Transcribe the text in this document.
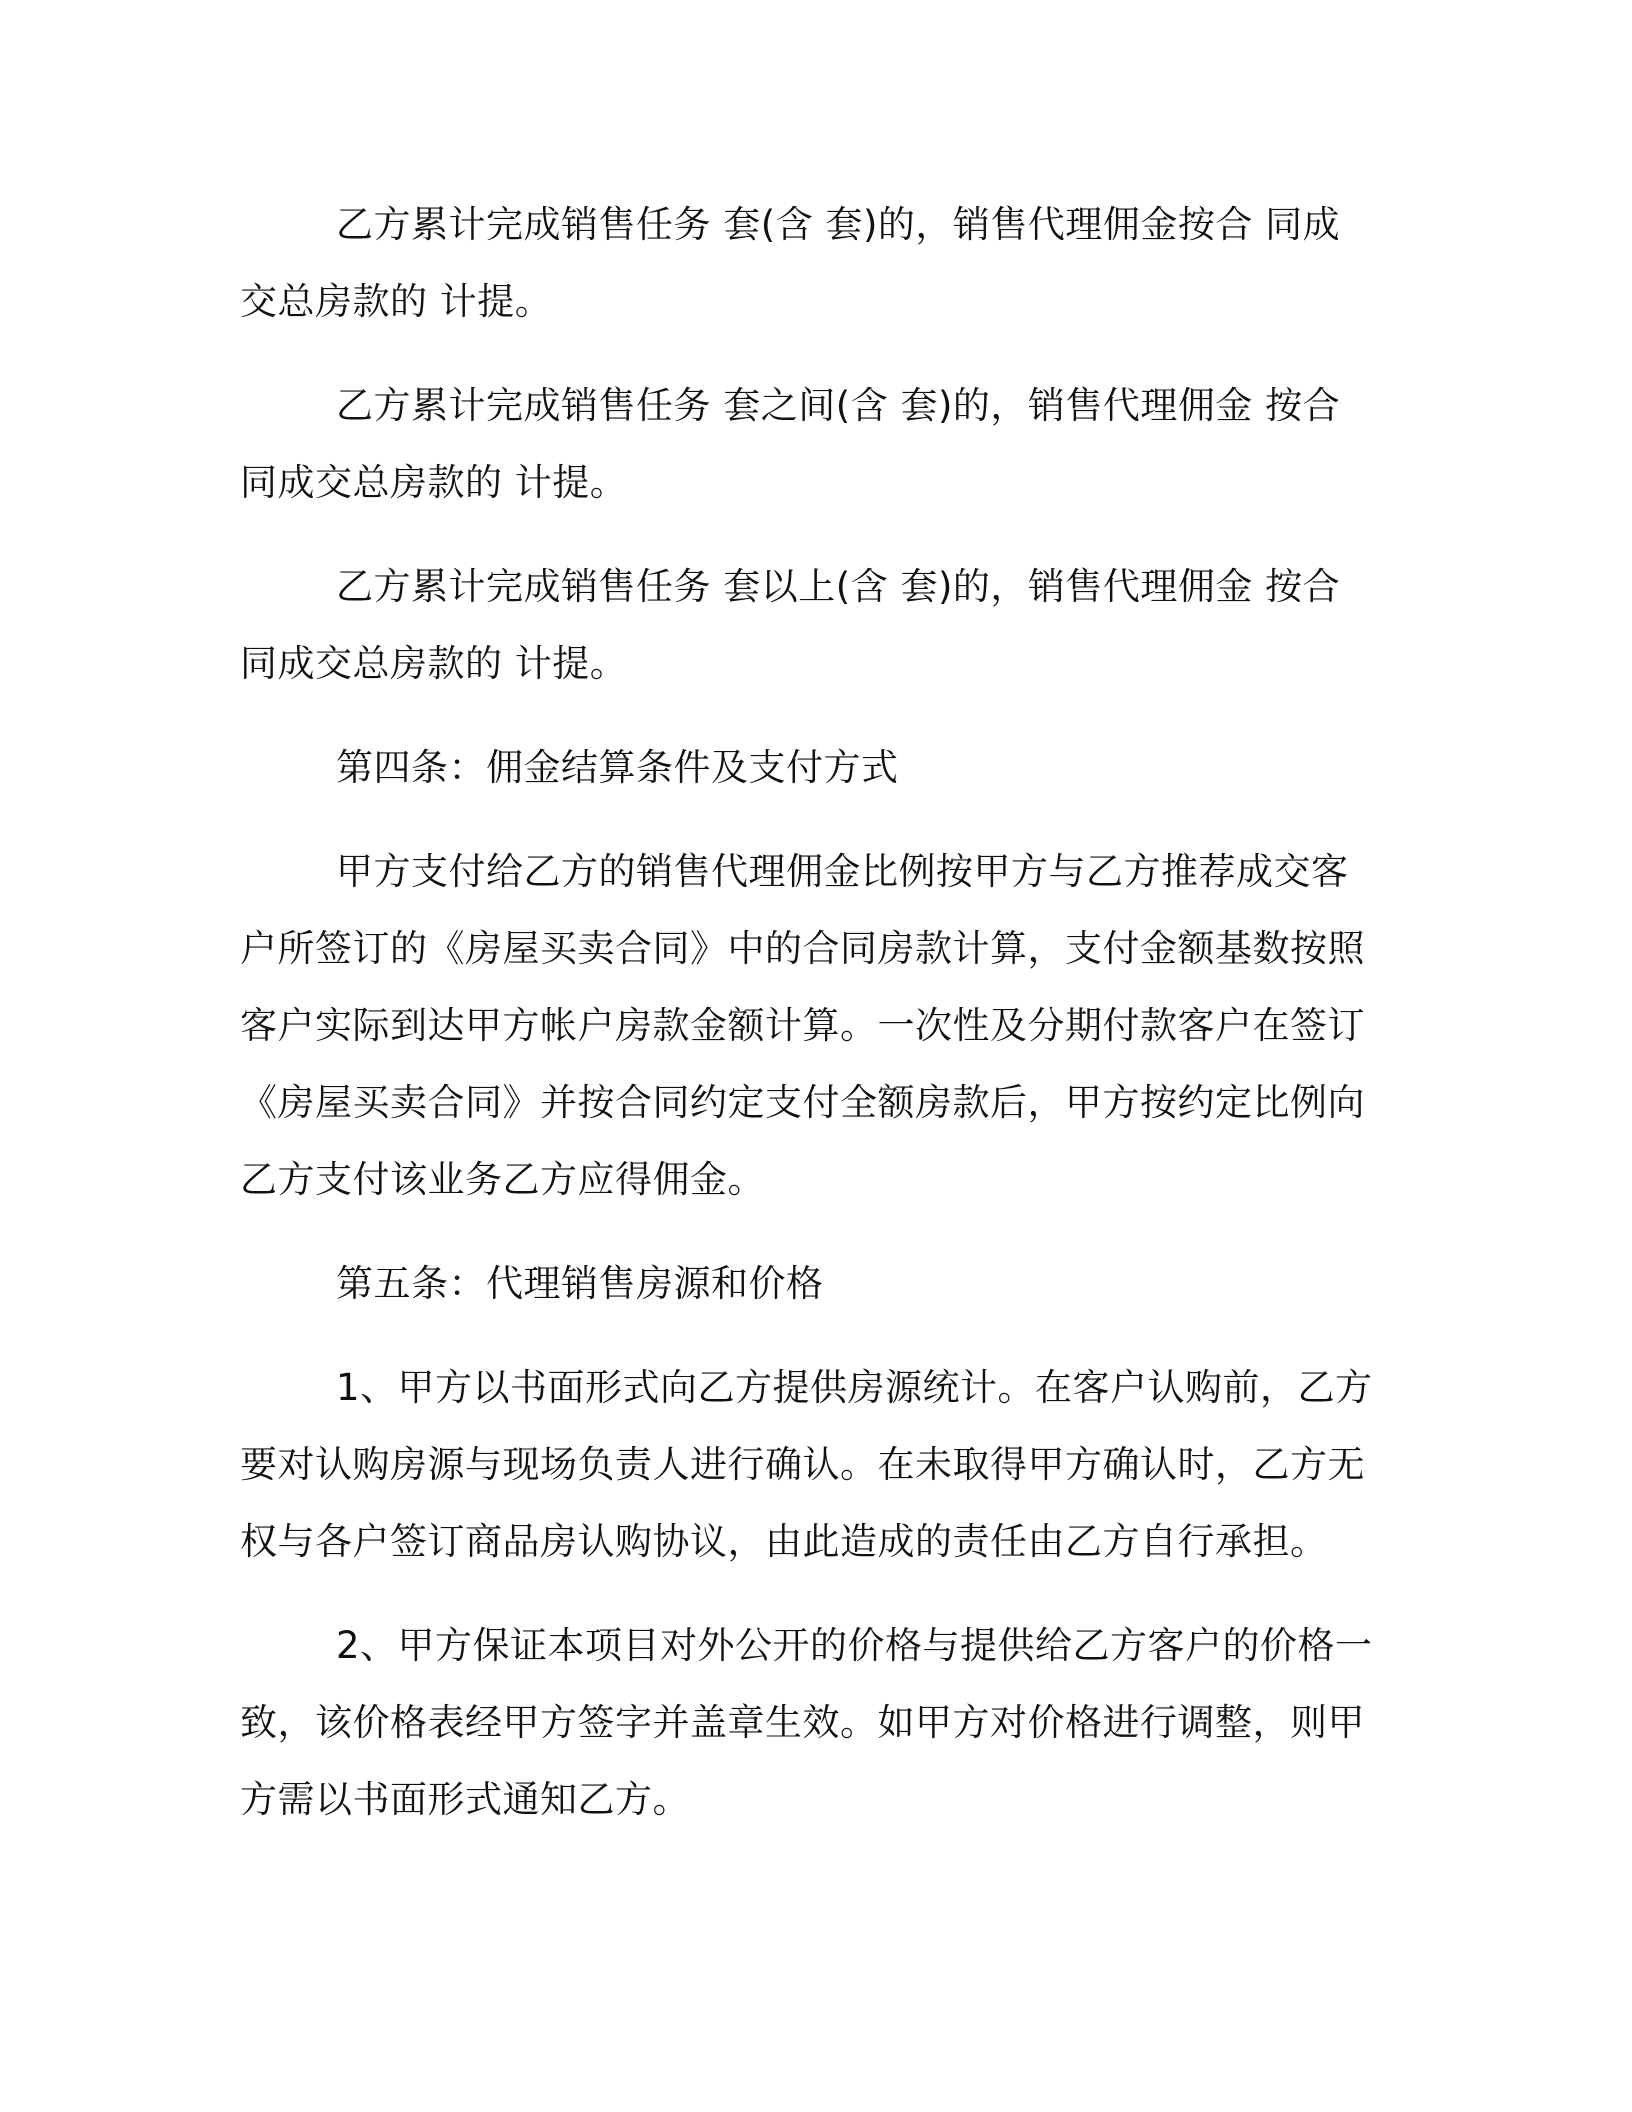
乙方累计完成销售任务 套(含 套)的，销售代理佣金按合 同成交总房款的 计提。

乙方累计完成销售任务 套之间(含 套)的，销售代理佣金 按合同成交总房款的 计提。

乙方累计完成销售任务 套以上(含 套)的，销售代理佣金 按合同成交总房款的 计提。

第四条：佣金结算条件及支付方式

甲方支付给乙方的销售代理佣金比例按甲方与乙方推荐成交客户所签订的《房屋买卖合同》中的合同房款计算，支付金额基数按照客户实际到达甲方帐户房款金额计算。一次性及分期付款客户在签订《房屋买卖合同》并按合同约定支付全额房款后，甲方按约定比例向乙方支付该业务乙方应得佣金。

第五条：代理销售房源和价格

1、甲方以书面形式向乙方提供房源统计。在客户认购前，乙方要对认购房源与现场负责人进行确认。在未取得甲方确认时，乙方无权与各户签订商品房认购协议，由此造成的责任由乙方自行承担。

2、甲方保证本项目对外公开的价格与提供给乙方客户的价格一致，该价格表经甲方签字并盖章生效。如甲方对价格进行调整，则甲方需以书面形式通知乙方。
